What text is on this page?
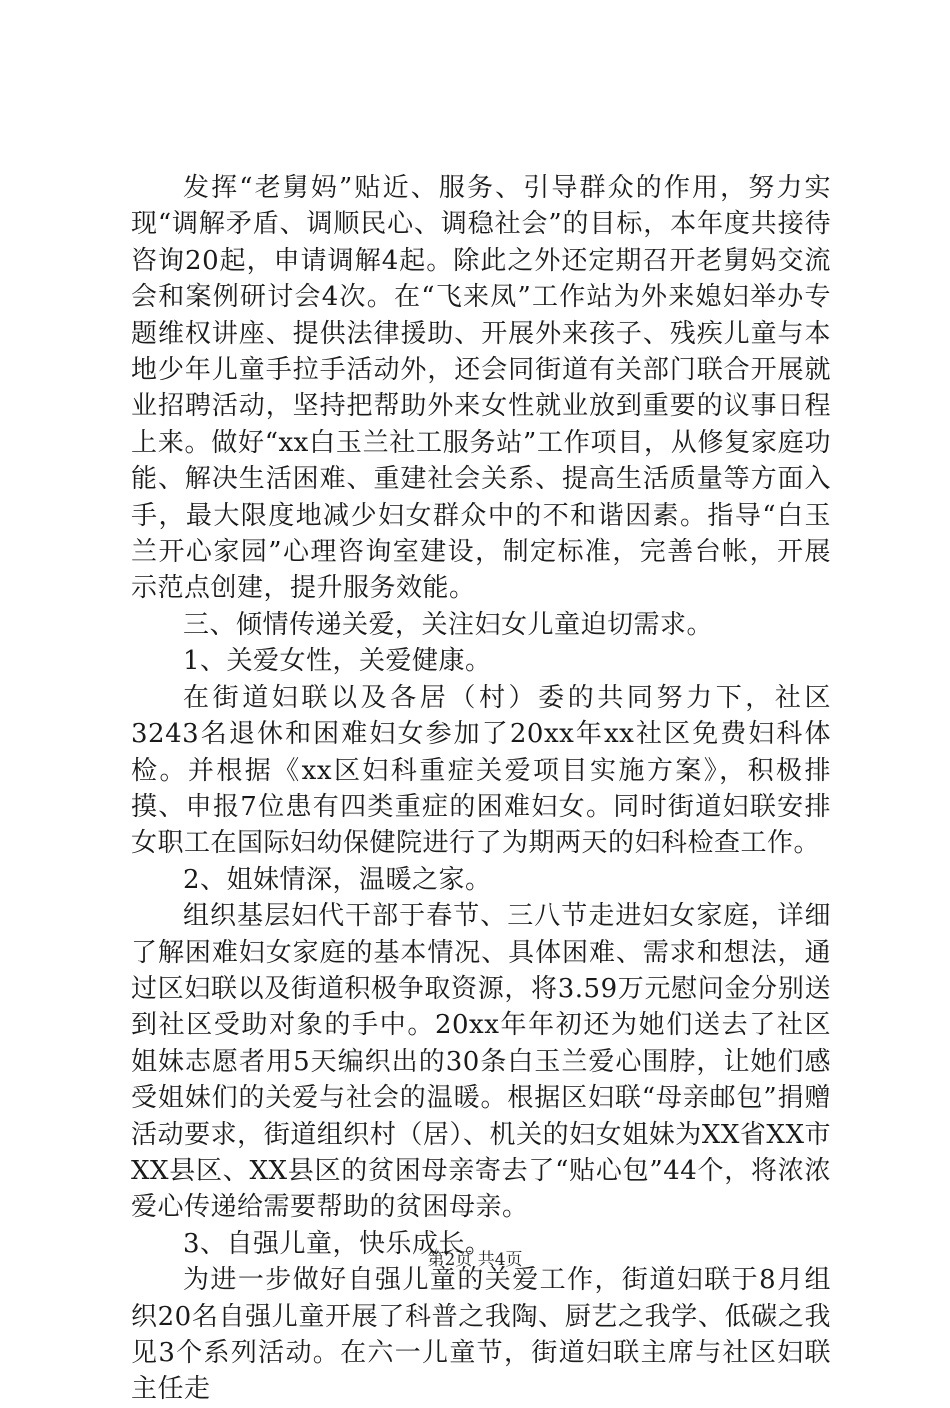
发挥“老舅妈”贴近、服务、引导群众的作用，努力实现“调解矛盾、调顺民心、调稳社会”的目标，本年度共接待咨询20起，申请调解4起。除此之外还定期召开老舅妈交流会和案例研讨会4次。在“飞来凤”工作站为外来媳妇举办专题维权讲座、提供法律援助、开展外来孩子、残疾儿童与本地少年儿童手拉手活动外，还会同街道有关部门联合开展就业招聘活动，坚持把帮助外来女性就业放到重要的议事日程上来。做好“xx白玉兰社工服务站”工作项目，从修复家庭功能、解决生活困难、重建社会关系、提高生活质量等方面入手，最大限度地减少妇女群众中的不和谐因素。指导“白玉兰开心家园”心理咨询室建设，制定标准，完善台帐，开展示范点创建，提升服务效能。

三、倾情传递关爱，关注妇女儿童迫切需求。

1、关爱女性，关爱健康。

在街道妇联以及各居（村）委的共同努力下，社区3243名退休和困难妇女参加了20xx年xx社区免费妇科体检。并根据《xx区妇科重症关爱项目实施方案》，积极排摸、申报7位患有四类重症的困难妇女。同时街道妇联安排女职工在国际妇幼保健院进行了为期两天的妇科检查工作。

2、姐妹情深，温暖之家。

组织基层妇代干部于春节、三八节走进妇女家庭，详细了解困难妇女家庭的基本情况、具体困难、需求和想法，通过区妇联以及街道积极争取资源，将3.59万元慰问金分别送到社区受助对象的手中。20xx年年初还为她们送去了社区姐妹志愿者用5天编织出的30条白玉兰爱心围脖，让她们感受姐妹们的关爱与社会的温暖。根据区妇联“母亲邮包”捐赠活动要求，街道组织村（居）、机关的妇女姐妹为XX省XX市XX县区、XX县区的贫困母亲寄去了“贴心包”44个，将浓浓爱心传递给需要帮助的贫困母亲。

3、自强儿童，快乐成长。

为进一步做好自强儿童的关爱工作，街道妇联于8月组织20名自强儿童开展了科普之我陶、厨艺之我学、低碳之我见3个系列活动。在六一儿童节，街道妇联主席与社区妇联主任走

第2页 共4页
